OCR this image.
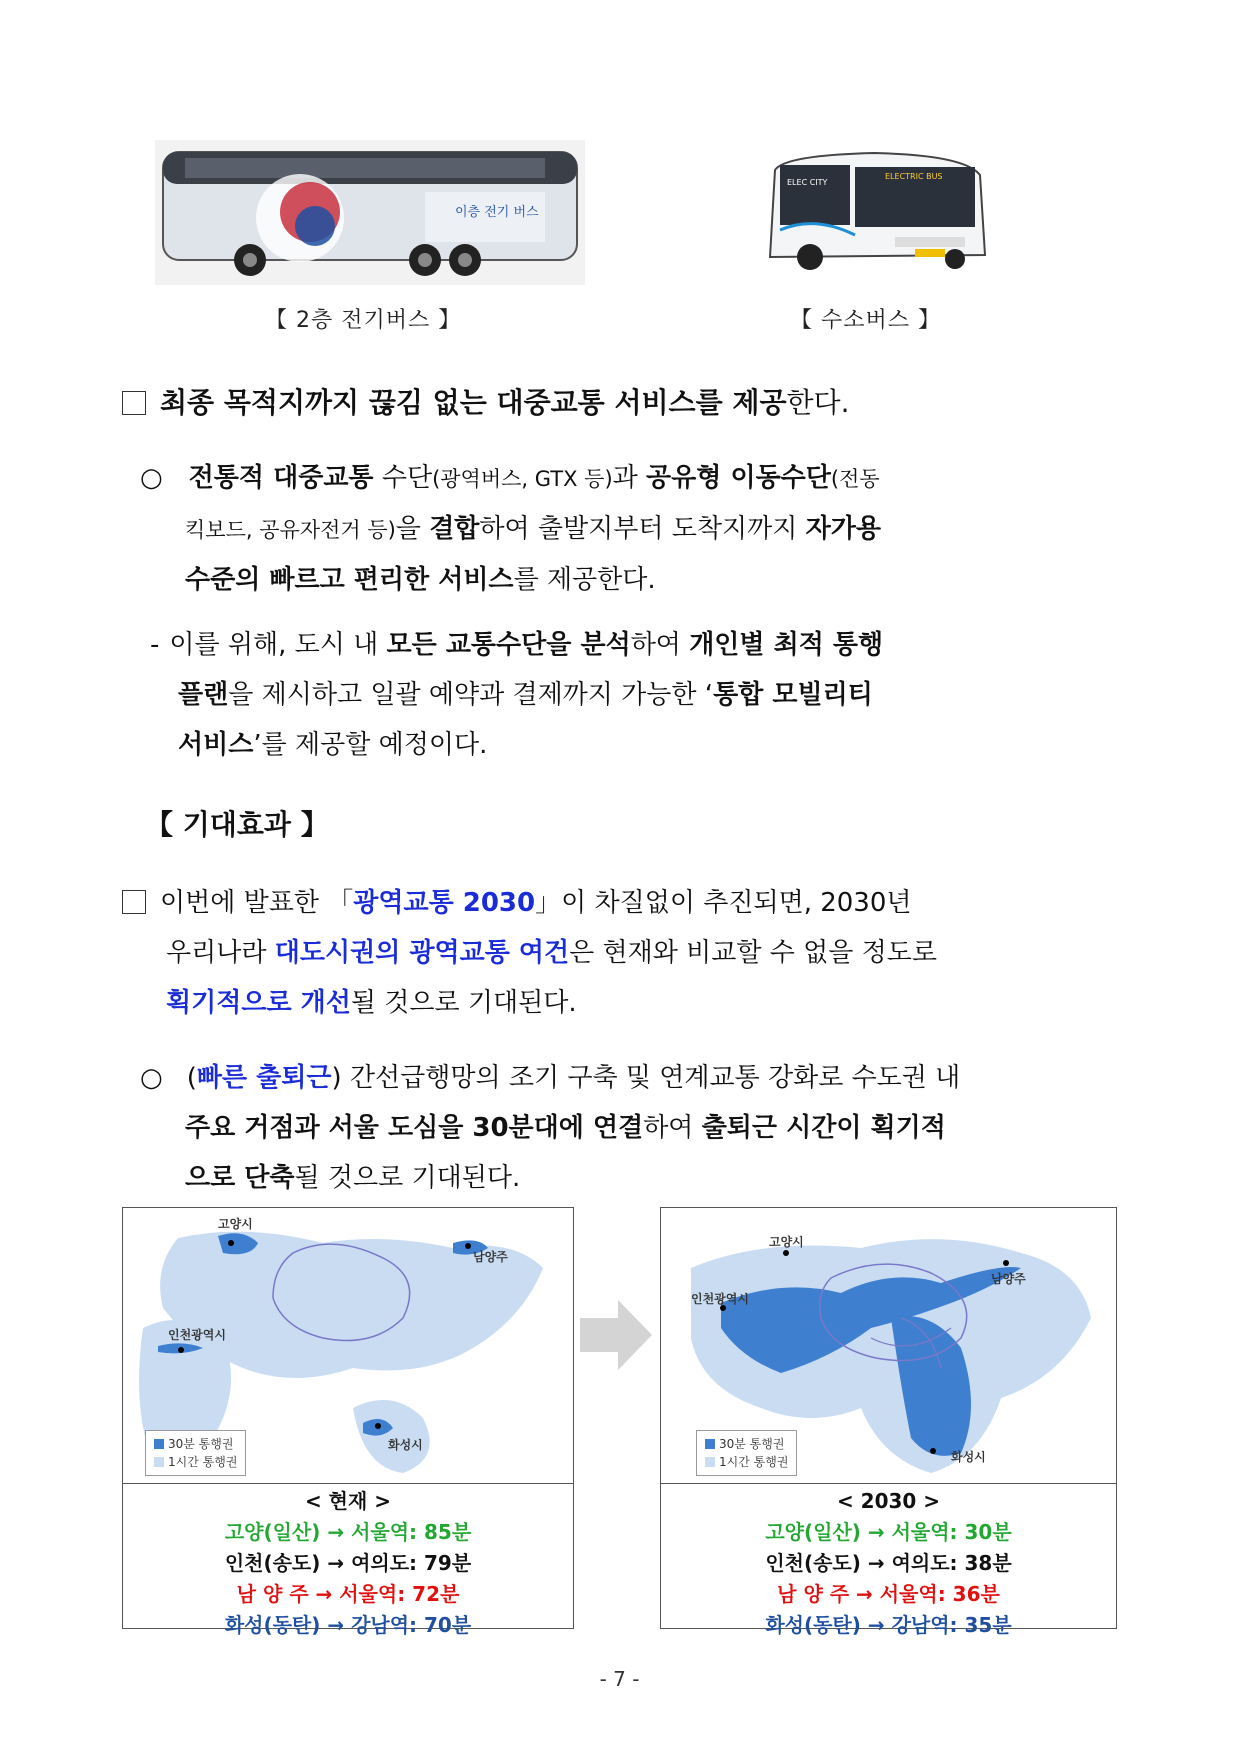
이층 전기 버스
ELEC CITY
ELECTRIC BUS
【 2층 전기버스 】	【 수소버스 】
최종 목적지까지 끊김 없는 대중교통 서비스를 제공한다.
○ 전통적 대중교통 수단(광역버스, GTX 등)과 공유형 이동수단(전동
킥보드, 공유자전거 등)을 결합하여 출발지부터 도착지까지 자가용
수준의 빠르고 편리한 서비스를 제공한다.
- 이를 위해, 도시 내 모든 교통수단을 분석하여 개인별 최적 통행
플랜을 제시하고 일괄 예약과 결제까지 가능한 ‘통합 모빌리티
서비스’를 제공할 예정이다.
【 기대효과 】
이번에 발표한 「광역교통 2030」이 차질없이 추진되면, 2030년
우리나라 대도시권의 광역교통 여건은 현재와 비교할 수 없을 정도로
획기적으로 개선될 것으로 기대된다.
○ (빠른 출퇴근) 간선급행망의 조기 구축 및 연계교통 강화로 수도권 내
주요 거점과 서울 도심을 30분대에 연결하여 출퇴근 시간이 획기적
으로 단축될 것으로 기대된다.
고양시
남양주
인천광역시
화성시
30분 통행권
1시간 통행권
< 현재 >
고양(일산) → 서울역: 85분
인천(송도) → 여의도: 79분
남 양 주 → 서울역: 72분
화성(동탄) → 강남역: 70분
고양시
남양주
인천광역시
화성시
30분 통행권
1시간 통행권
< 2030 >
고양(일산) → 서울역: 30분
인천(송도) → 여의도: 38분
남 양 주 → 서울역: 36분
화성(동탄) → 강남역: 35분
- 7 -
